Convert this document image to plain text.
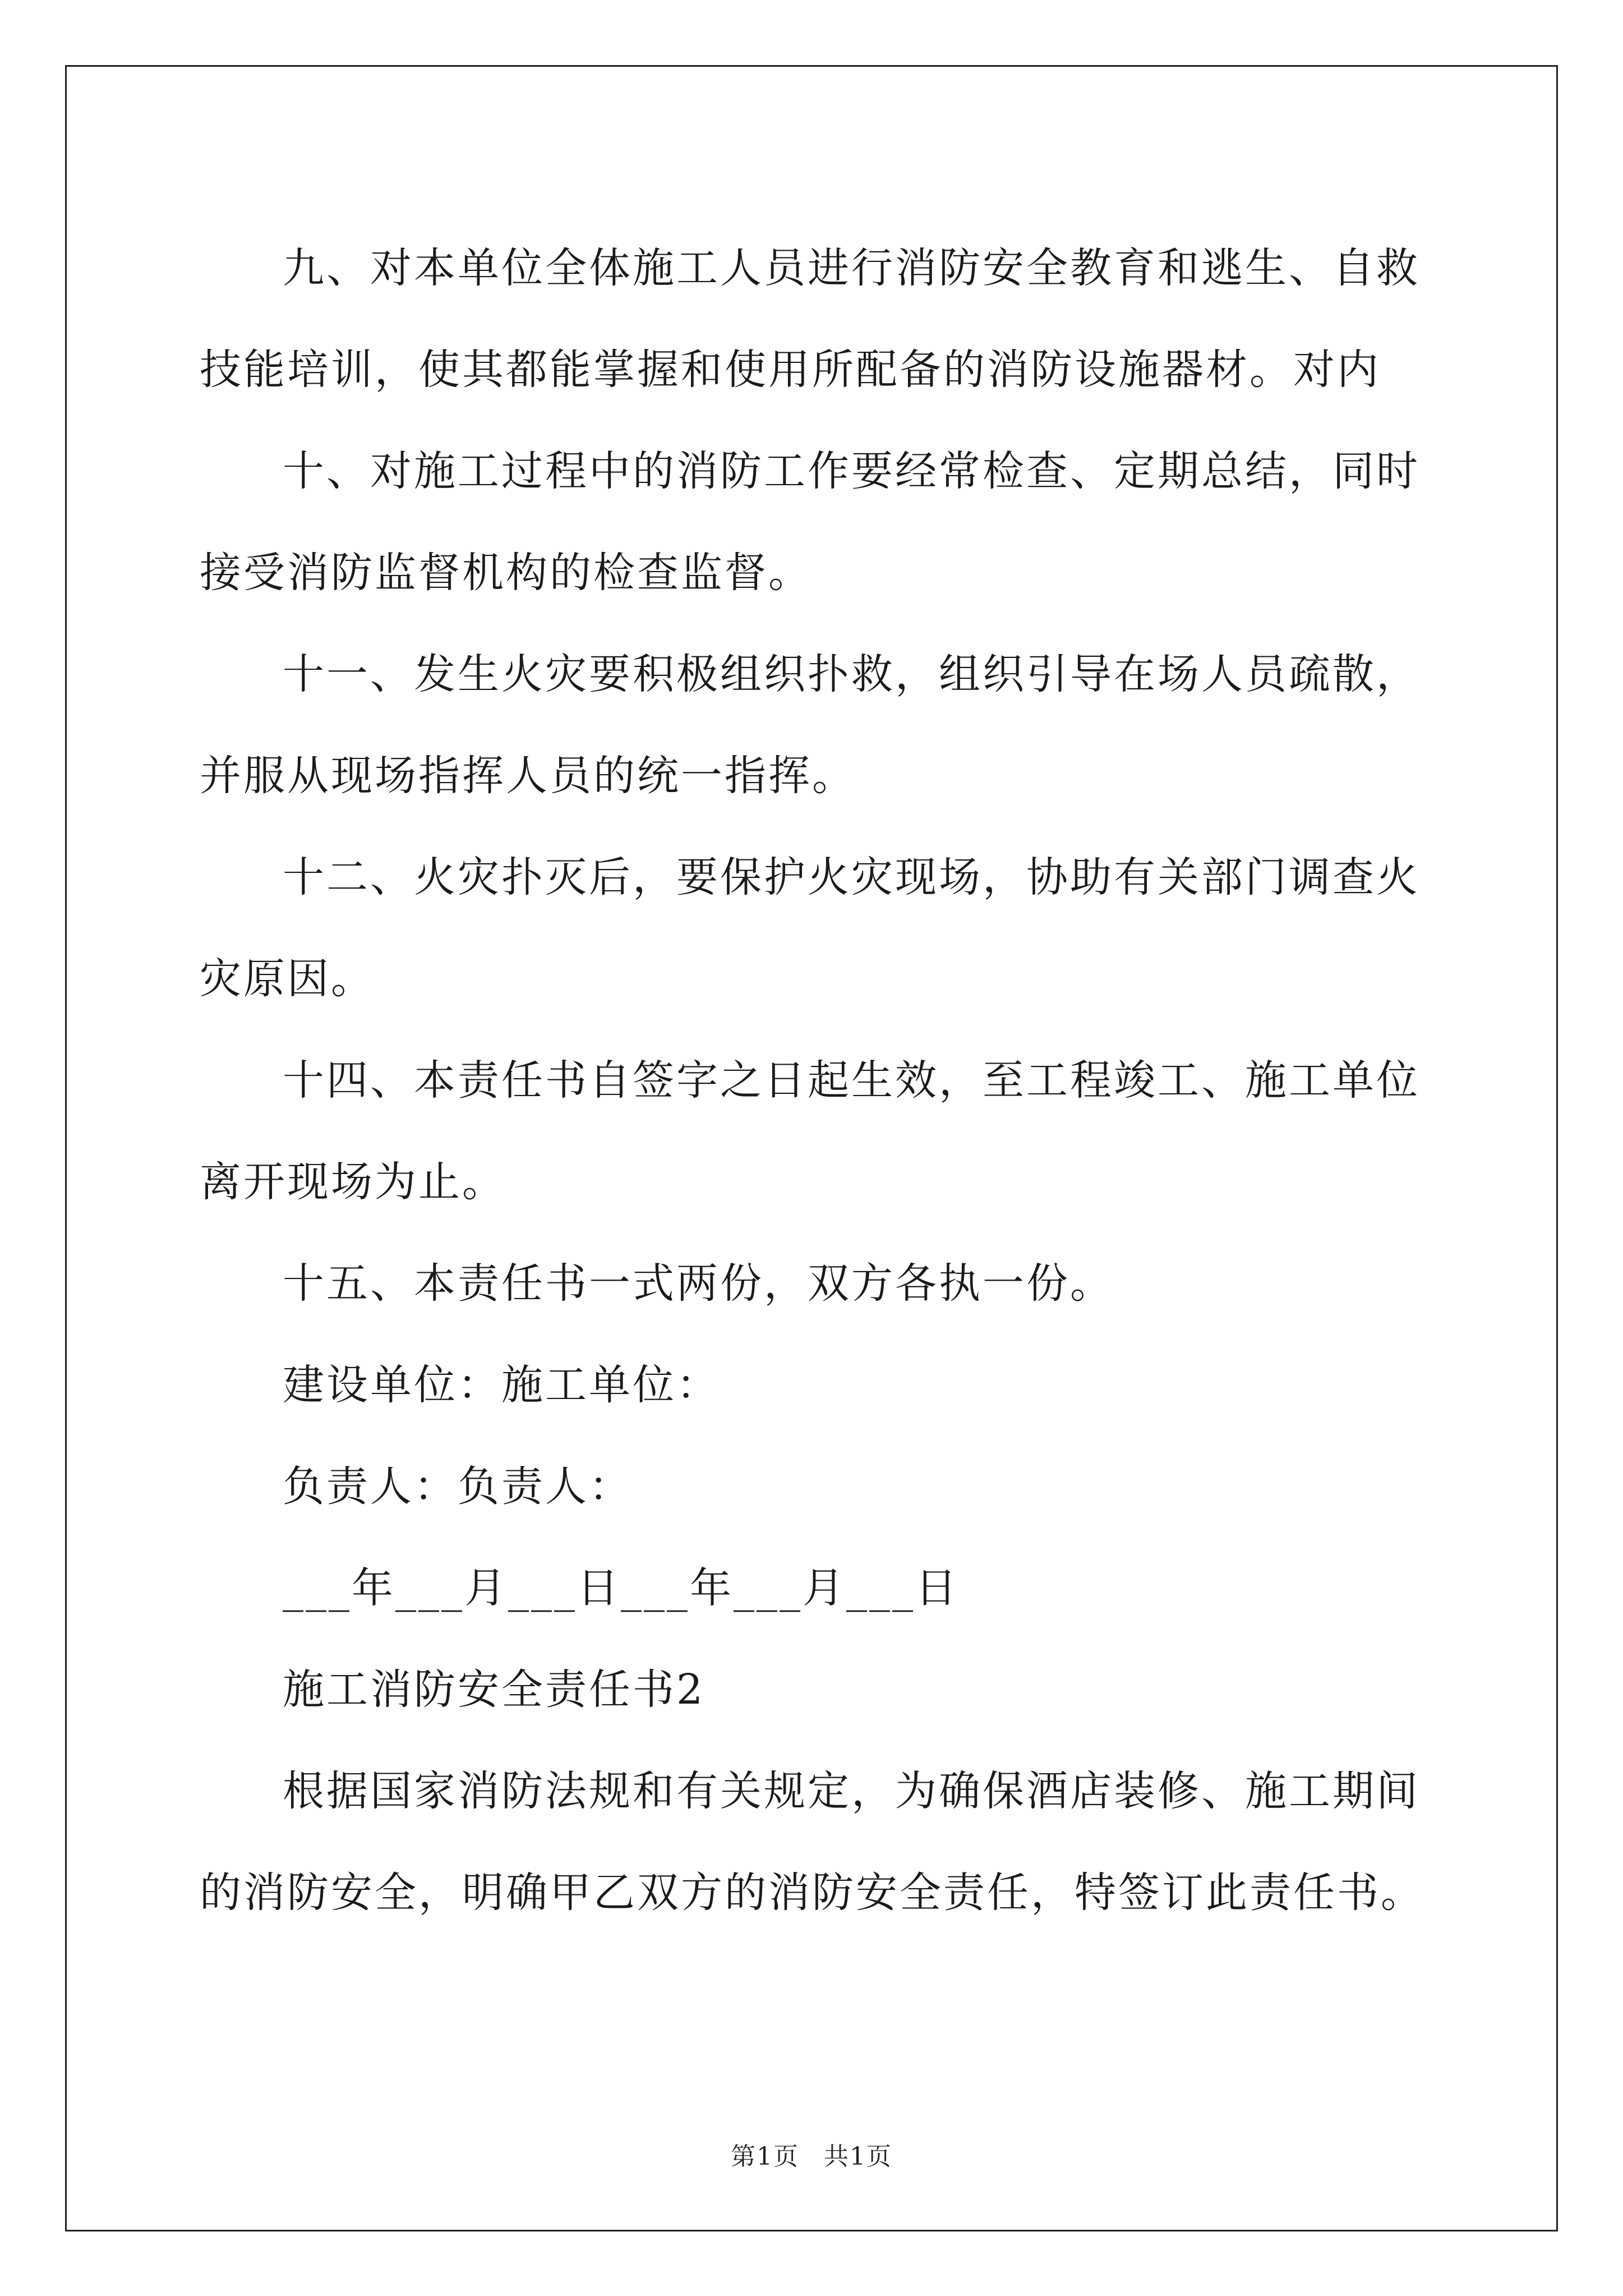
九、对本单位全体施工人员进行消防安全教育和逃生、自救技能培训，使其都能掌握和使用所配备的消防设施器材。对内

十、对施工过程中的消防工作要经常检查、定期总结，同时接受消防监督机构的检查监督。

十一、发生火灾要积极组织扑救，组织引导在场人员疏散，并服从现场指挥人员的统一指挥。

十二、火灾扑灭后，要保护火灾现场，协助有关部门调查火灾原因。

十四、本责任书自签字之日起生效，至工程竣工、施工单位离开现场为止。

十五、本责任书一式两份，双方各执一份。

建设单位：施工单位：

负责人：负责人：

___年___月___日___年___月___日

施工消防安全责任书2

根据国家消防法规和有关规定，为确保酒店装修、施工期间的消防安全，明确甲乙双方的消防安全责任，特签订此责任书。

第1页 共1页
